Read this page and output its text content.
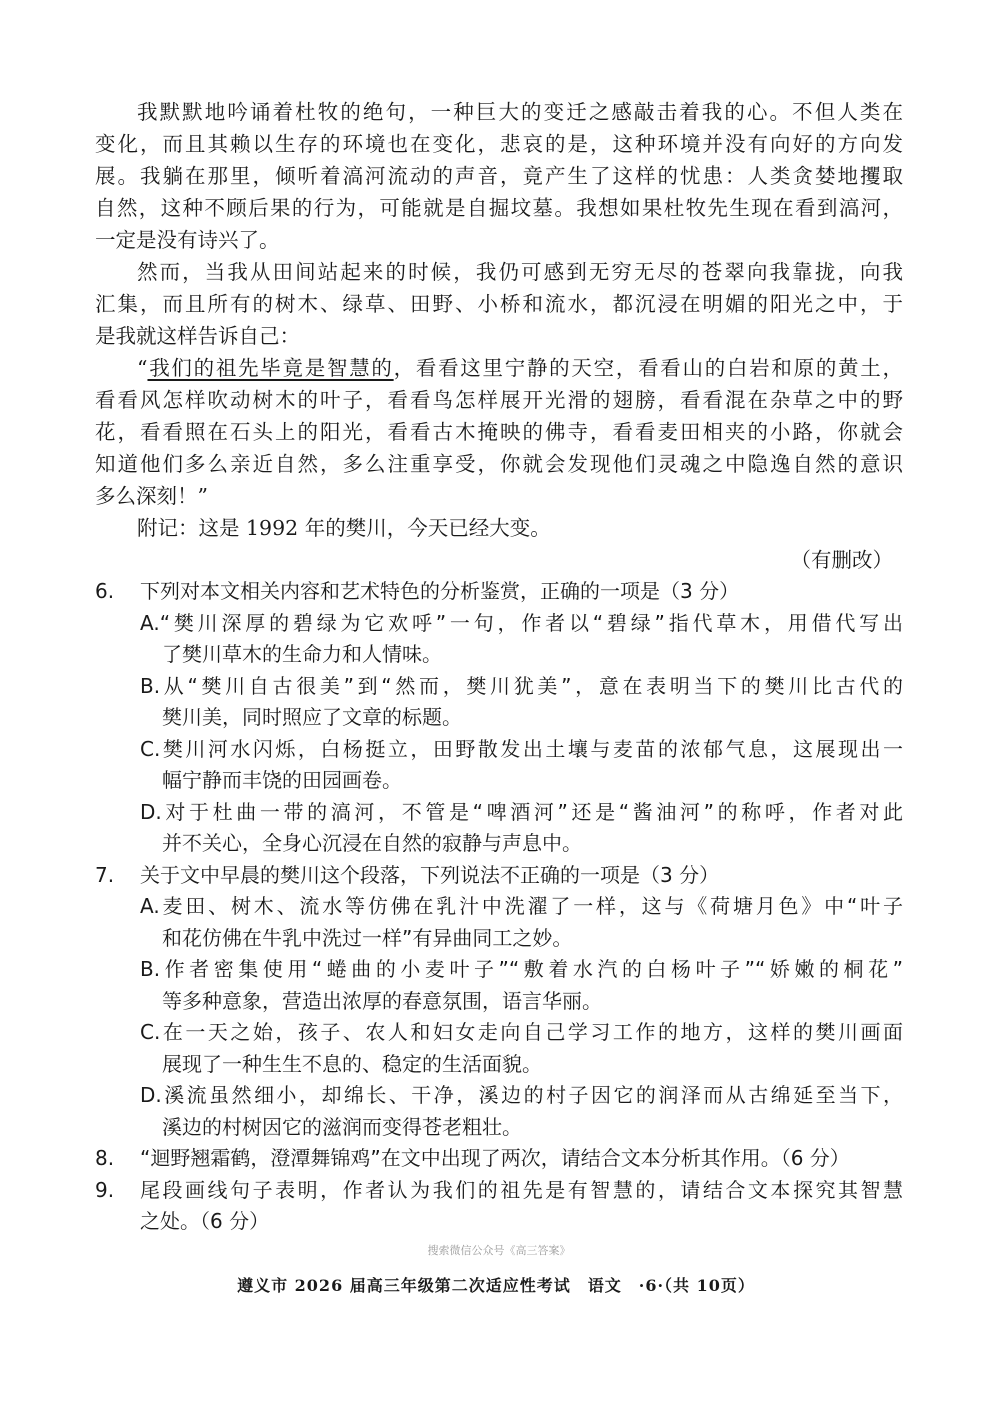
我默默地吟诵着杜牧的绝句，一种巨大的变迁之感敲击着我的心。不但人类在
变化，而且其赖以生存的环境也在变化，悲哀的是，这种环境并没有向好的方向发
展。我躺在那里，倾听着滈河流动的声音，竟产生了这样的忧患：人类贪婪地攫取
自然，这种不顾后果的行为，可能就是自掘坟墓。我想如果杜牧先生现在看到滈河，
一定是没有诗兴了。
然而，当我从田间站起来的时候，我仍可感到无穷无尽的苍翠向我靠拢，向我
汇集，而且所有的树木、绿草、田野、小桥和流水，都沉浸在明媚的阳光之中，于
是我就这样告诉自己：
“我们的祖先毕竟是智慧的，看看这里宁静的天空，看看山的白岩和原的黄土，
看看风怎样吹动树木的叶子，看看鸟怎样展开光滑的翅膀，看看混在杂草之中的野
花，看看照在石头上的阳光，看看古木掩映的佛寺，看看麦田相夹的小路，你就会
知道他们多么亲近自然，多么注重享受，你就会发现他们灵魂之中隐逸自然的意识
多么深刻！”
附记：这是 1992 年的樊川，今天已经大变。
（有删改）
6. 下列对本文相关内容和艺术特色的分析鉴赏，正确的一项是（3 分）
A.“樊川深厚的碧绿为它欢呼”一句，作者以“碧绿”指代草木，用借代写出
了樊川草木的生命力和人情味。
B.从“樊川自古很美”到“然而，樊川犹美”，意在表明当下的樊川比古代的
樊川美，同时照应了文章的标题。
C.樊川河水闪烁，白杨挺立，田野散发出土壤与麦苗的浓郁气息，这展现出一
幅宁静而丰饶的田园画卷。
D.对于杜曲一带的滈河，不管是“啤酒河”还是“酱油河”的称呼，作者对此
并不关心，全身心沉浸在自然的寂静与声息中。
7. 关于文中早晨的樊川这个段落，下列说法不正确的一项是（3 分）
A.麦田、树木、流水等仿佛在乳汁中洗濯了一样，这与《荷塘月色》中“叶子
和花仿佛在牛乳中洗过一样”有异曲同工之妙。
B.作者密集使用“蜷曲的小麦叶子”“敷着水汽的白杨叶子”“娇嫩的桐花”
等多种意象，营造出浓厚的春意氛围，语言华丽。
C.在一天之始，孩子、农人和妇女走向自己学习工作的地方，这样的樊川画面
展现了一种生生不息的、稳定的生活面貌。
D.溪流虽然细小，却绵长、干净，溪边的村子因它的润泽而从古绵延至当下，
溪边的村树因它的滋润而变得苍老粗壮。
8. “迴野翘霜鹤，澄潭舞锦鸡”在文中出现了两次，请结合文本分析其作用。（6 分）
9. 尾段画线句子表明，作者认为我们的祖先是有智慧的，请结合文本探究其智慧
之处。（6 分）
搜索微信公众号《高三答案》
遵义市 2026 届高三年级第二次适应性考试　语文　·6·（共 10页）
